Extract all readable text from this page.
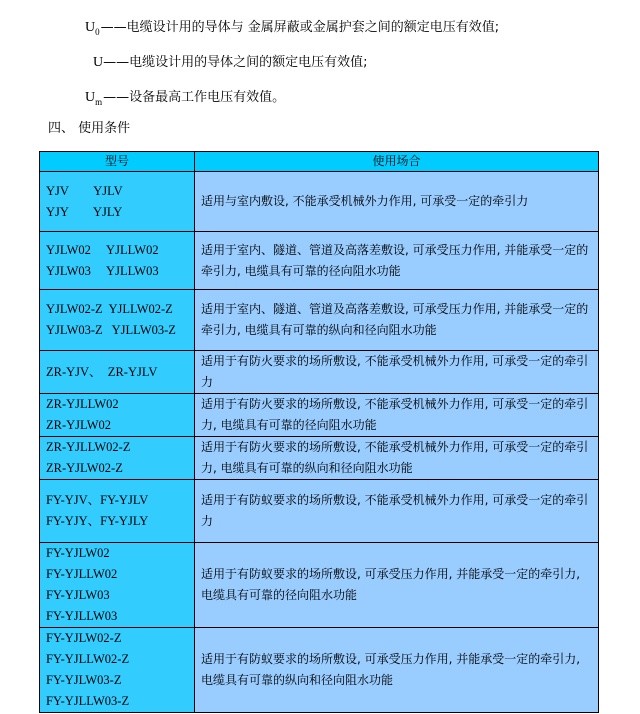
$U_0——$电缆设计用的导体与 金属屏蔽或金属护套之间的额定电压有效值;
U——电缆设计用的导体之间的额定电压有效值;
$U_m——$设备最高工作电压有效值。
四、 使用条件
型号	使用场合

YJV        YJLV
YJY        YJLY	适用与室内敷设, 不能承受机械外力作用, 可承受一定的牵引力

YJLW02     YJLLW02
YJLW03     YJLLW03	适用于室内、隧道、管道及高落差敷设, 可承受压力作用, 并能承受一定的牵引力, 电缆具有可靠的径向阻水功能

YJLW02-Z  YJLLW02-Z
YJLW03-Z   YJLLW03-Z	适用于室内、隧道、管道及高落差敷设, 可承受压力作用, 并能承受一定的牵引力, 电缆具有可靠的纵向和径向阻水功能

ZR-YJV、  ZR-YJLV	适用于有防火要求的场所敷设, 不能承受机械外力作用, 可承受一定的牵引力

ZR-YJLLW02
ZR-YJLW02	适用于有防火要求的场所敷设, 不能承受机械外力作用, 可承受一定的牵引力, 电缆具有可靠的径向阻水功能

ZR-YJLLW02-Z
ZR-YJLW02-Z	适用于有防火要求的场所敷设, 不能承受机械外力作用, 可承受一定的牵引力, 电缆具有可靠的纵向和径向阻水功能

FY-YJV、FY-YJLV
FY-YJY、FY-YJLY	适用于有防蚁要求的场所敷设, 不能承受机械外力作用, 可承受一定的牵引力

FY-YJLW02
FY-YJLLW02
FY-YJLW03
FY-YJLLW03	适用于有防蚁要求的场所敷设, 可承受压力作用, 并能承受一定的牵引力, 电缆具有可靠的径向阻水功能

FY-YJLW02-Z
FY-YJLLW02-Z
FY-YJLW03-Z
FY-YJLLW03-Z	适用于有防蚁要求的场所敷设, 可承受压力作用, 并能承受一定的牵引力, 电缆具有可靠的纵向和径向阻水功能
